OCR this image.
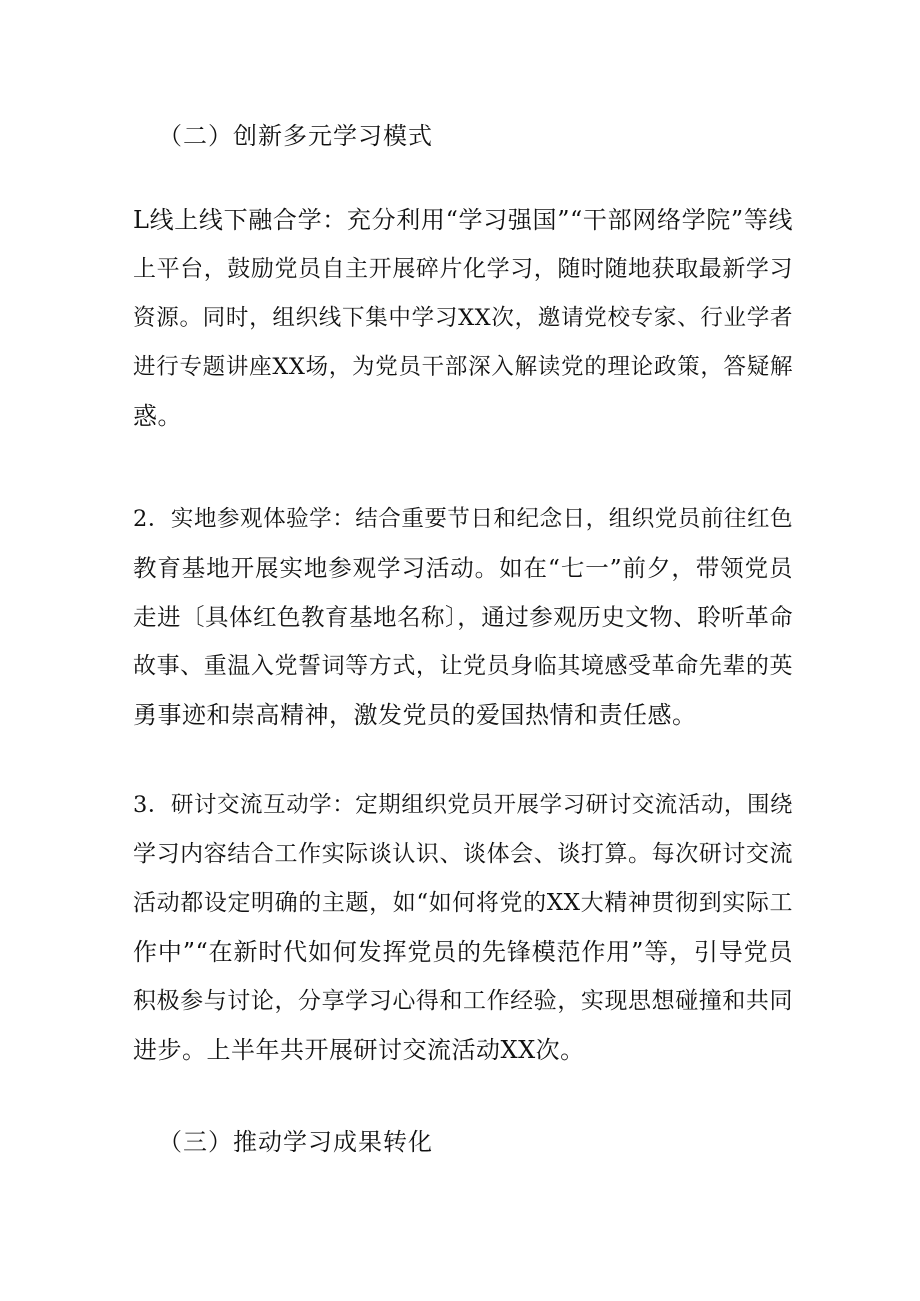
（二）创新多元学习模式
L线上线下融合学：充分利用“学习强国”“干部网络学院”等线
上平台，鼓励党员自主开展碎片化学习，随时随地获取最新学习
资源。同时，组织线下集中学习XX次，邀请党校专家、行业学者
进行专题讲座XX场，为党员干部深入解读党的理论政策，答疑解
惑。
2．实地参观体验学：结合重要节日和纪念日，组织党员前往红色
教育基地开展实地参观学习活动。如在“七一”前夕，带领党员
走进〔具体红色教育基地名称〕，通过参观历史文物、聆听革命
故事、重温入党誓词等方式，让党员身临其境感受革命先辈的英
勇事迹和崇高精神，激发党员的爱国热情和责任感。
3．研讨交流互动学：定期组织党员开展学习研讨交流活动，围绕
学习内容结合工作实际谈认识、谈体会、谈打算。每次研讨交流
活动都设定明确的主题，如“如何将党的XX大精神贯彻到实际工
作中”“在新时代如何发挥党员的先锋模范作用”等，引导党员
积极参与讨论，分享学习心得和工作经验，实现思想碰撞和共同
进步。上半年共开展研讨交流活动XX次。
（三）推动学习成果转化
